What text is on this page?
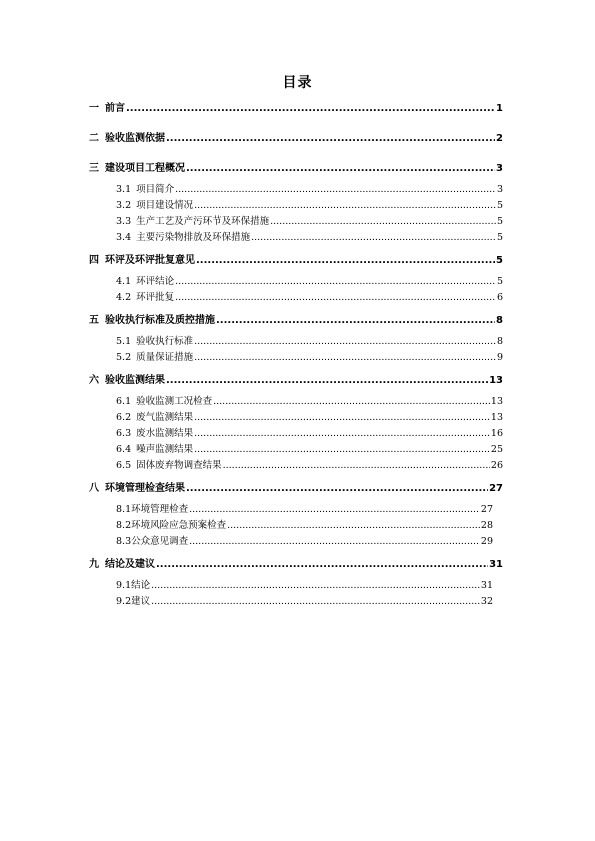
目录
一 前言 .....	1
二 验收监测依据 .....	2
三 建设项目工程概况 .....	3
3.1 项目简介 .....	3
3.2 项目建设情况 .....	5
3.3 生产工艺及产污环节及环保措施 .....	5
3.4 主要污染物排放及环保措施 .....	5
四 环评及环评批复意见 .....	5
4.1 环评结论 .....	5
4.2 环评批复 .....	6
五 验收执行标准及质控措施 .....	8
5.1 验收执行标准 .....	8
5.2 质量保证措施 .....	9
六 验收监测结果 .....	13
6.1 验收监测工况检查 .....	13
6.2 废气监测结果 .....	13
6.3 废水监测结果 .....	16
6.4 噪声监测结果 .....	25
6.5 固体废弃物调查结果 .....	26
八 环境管理检查结果 .....	27
8.1 环境管理检查 .....	27
8.2 环境风险应急预案检查 .....	28
8.3 公众意见调查 .....	29
九 结论及建议 .....	31
9.1 结论 .....	31
9.2 建议 .....	32
